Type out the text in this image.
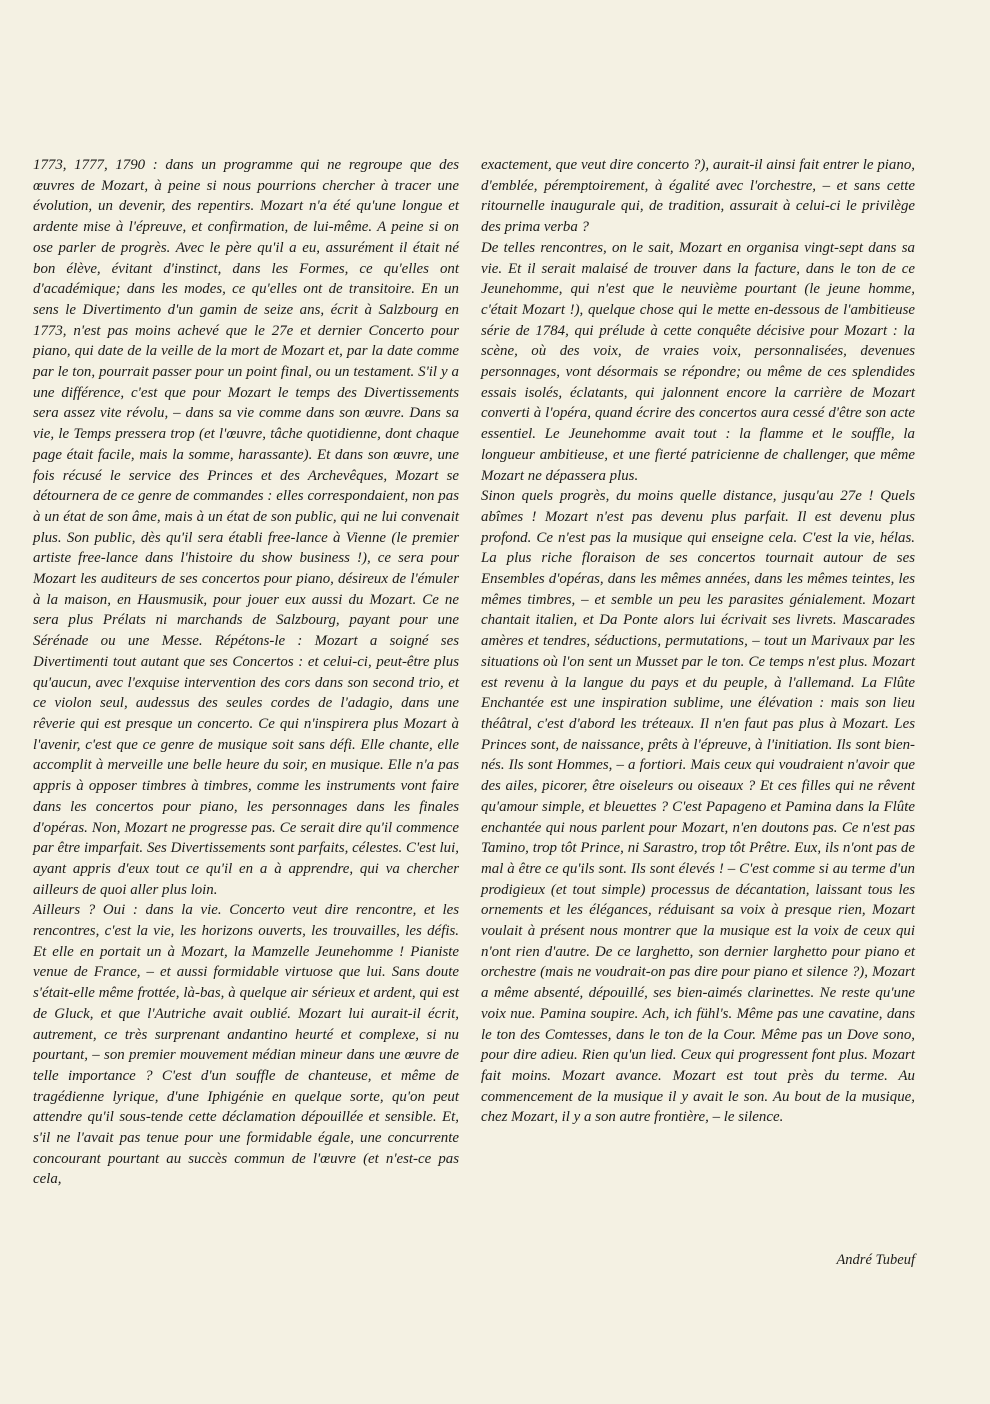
1773, 1777, 1790 : dans un programme qui ne regroupe que des œuvres de Mozart, à peine si nous pourrions chercher à tracer une évolution, un devenir, des repentirs. Mozart n'a été qu'une longue et ardente mise à l'épreuve, et confirmation, de lui-même. A peine si on ose parler de progrès. Avec le père qu'il a eu, assurément il était né bon élève, évitant d'instinct, dans les Formes, ce qu'elles ont d'académique; dans les modes, ce qu'elles ont de transitoire. En un sens le Divertimento d'un gamin de seize ans, écrit à Salzbourg en 1773, n'est pas moins achevé que le 27e et dernier Concerto pour piano, qui date de la veille de la mort de Mozart et, par la date comme par le ton, pourrait passer pour un point final, ou un testament. S'il y a une différence, c'est que pour Mozart le temps des Divertissements sera assez vite révolu, – dans sa vie comme dans son œuvre. Dans sa vie, le Temps pressera trop (et l'œuvre, tâche quotidienne, dont chaque page était facile, mais la somme, harassante). Et dans son œuvre, une fois récusé le service des Princes et des Archevêques, Mozart se détournera de ce genre de commandes : elles correspondaient, non pas à un état de son âme, mais à un état de son public, qui ne lui convenait plus. Son public, dès qu'il sera établi free-lance à Vienne (le premier artiste free-lance dans l'histoire du show business !), ce sera pour Mozart les auditeurs de ses concertos pour piano, désireux de l'émuler à la maison, en Hausmusik, pour jouer eux aussi du Mozart. Ce ne sera plus Prélats ni marchands de Salzbourg, payant pour une Sérénade ou une Messe. Répétons-le : Mozart a soigné ses Divertimenti tout autant que ses Concertos : et celui-ci, peut-être plus qu'aucun, avec l'exquise intervention des cors dans son second trio, et ce violon seul, audessus des seules cordes de l'adagio, dans une rêverie qui est presque un concerto. Ce qui n'inspirera plus Mozart à l'avenir, c'est que ce genre de musique soit sans défi. Elle chante, elle accomplit à merveille une belle heure du soir, en musique. Elle n'a pas appris à opposer timbres à timbres, comme les instruments vont faire dans les concertos pour piano, les personnages dans les finales d'opéras. Non, Mozart ne progresse pas. Ce serait dire qu'il commence par être imparfait. Ses Divertissements sont parfaits, célestes. C'est lui, ayant appris d'eux tout ce qu'il en a à apprendre, qui va chercher ailleurs de quoi aller plus loin.

Ailleurs ? Oui : dans la vie. Concerto veut dire rencontre, et les rencontres, c'est la vie, les horizons ouverts, les trouvailles, les défis. Et elle en portait un à Mozart, la Mamzelle Jeunehomme ! Pianiste venue de France, – et aussi formidable virtuose que lui. Sans doute s'était-elle même frottée, là-bas, à quelque air sérieux et ardent, qui est de Gluck, et que l'Autriche avait oublié. Mozart lui aurait-il écrit, autrement, ce très surprenant andantino heurté et complexe, si nu pourtant, – son premier mouvement médian mineur dans une œuvre de telle importance ? C'est d'un souffle de chanteuse, et même de tragédienne lyrique, d'une Iphigénie en quelque sorte, qu'on peut attendre qu'il sous-tende cette déclamation dépouillée et sensible. Et, s'il ne l'avait pas tenue pour une formidable égale, une concurrente concourant pourtant au succès commun de l'œuvre (et n'est-ce pas cela,

exactement, que veut dire concerto ?), aurait-il ainsi fait entrer le piano, d'emblée, péremptoirement, à égalité avec l'orchestre, – et sans cette ritournelle inaugurale qui, de tradition, assurait à celui-ci le privilège des prima verba ?

De telles rencontres, on le sait, Mozart en organisa vingt-sept dans sa vie. Et il serait malaisé de trouver dans la facture, dans le ton de ce Jeunehomme, qui n'est que le neuvième pourtant (le jeune homme, c'était Mozart !), quelque chose qui le mette en-dessous de l'ambitieuse série de 1784, qui prélude à cette conquête décisive pour Mozart : la scène, où des voix, de vraies voix, personnalisées, devenues personnages, vont désormais se répondre; ou même de ces splendides essais isolés, éclatants, qui jalonnent encore la carrière de Mozart converti à l'opéra, quand écrire des concertos aura cessé d'être son acte essentiel. Le Jeunehomme avait tout : la flamme et le souffle, la longueur ambitieuse, et une fierté patricienne de challenger, que même Mozart ne dépassera plus.

Sinon quels progrès, du moins quelle distance, jusqu'au 27e ! Quels abîmes ! Mozart n'est pas devenu plus parfait. Il est devenu plus profond. Ce n'est pas la musique qui enseigne cela. C'est la vie, hélas. La plus riche floraison de ses concertos tournait autour de ses Ensembles d'opéras, dans les mêmes années, dans les mêmes teintes, les mêmes timbres, – et semble un peu les parasites génialement. Mozart chantait italien, et Da Ponte alors lui écrivait ses livrets. Mascarades amères et tendres, séductions, permutations, – tout un Marivaux par les situations où l'on sent un Musset par le ton. Ce temps n'est plus. Mozart est revenu à la langue du pays et du peuple, à l'allemand. La Flûte Enchantée est une inspiration sublime, une élévation : mais son lieu théâtral, c'est d'abord les tréteaux. Il n'en faut pas plus à Mozart. Les Princes sont, de naissance, prêts à l'épreuve, à l'initiation. Ils sont bien-nés. Ils sont Hommes, – a fortiori. Mais ceux qui voudraient n'avoir que des ailes, picorer, être oiseleurs ou oiseaux ? Et ces filles qui ne rêvent qu'amour simple, et bleuettes ? C'est Papageno et Pamina dans la Flûte enchantée qui nous parlent pour Mozart, n'en doutons pas. Ce n'est pas Tamino, trop tôt Prince, ni Sarastro, trop tôt Prêtre. Eux, ils n'ont pas de mal à être ce qu'ils sont. Ils sont élevés ! – C'est comme si au terme d'un prodigieux (et tout simple) processus de décantation, laissant tous les ornements et les élégances, réduisant sa voix à presque rien, Mozart voulait à présent nous montrer que la musique est la voix de ceux qui n'ont rien d'autre. De ce larghetto, son dernier larghetto pour piano et orchestre (mais ne voudrait-on pas dire pour piano et silence ?), Mozart a même absenté, dépouillé, ses bien-aimés clarinettes. Ne reste qu'une voix nue. Pamina soupire. Ach, ich fühl's. Même pas une cavatine, dans le ton des Comtesses, dans le ton de la Cour. Même pas un Dove sono, pour dire adieu. Rien qu'un lied. Ceux qui progressent font plus. Mozart fait moins. Mozart avance. Mozart est tout près du terme. Au commencement de la musique il y avait le son. Au bout de la musique, chez Mozart, il y a son autre frontière, – le silence.

André Tubeuf
